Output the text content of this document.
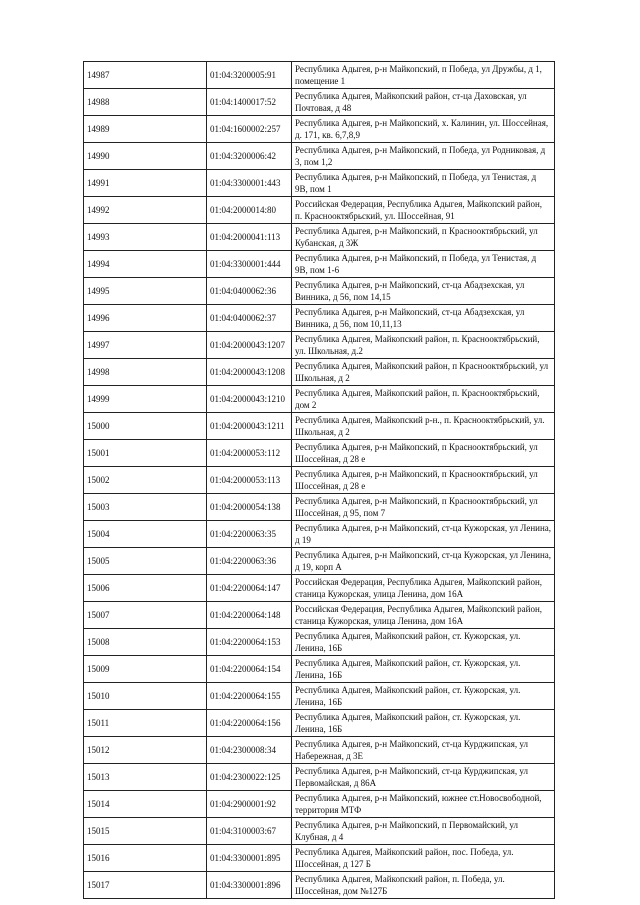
14987	01:04:3200005:91	Республика Адыгея, р-н Майкопский, п Победа, ул Дружбы, д 1, помещение 1
14988	01:04:1400017:52	Республика Адыгея, Майкопский район, ст-ца Даховская, ул Почтовая, д 48
14989	01:04:1600002:257	Республика Адыгея, р-н Майкопский, х. Калинин, ул. Шоссейная, д. 171, кв. 6,7,8,9
14990	01:04:3200006:42	Республика Адыгея, р-н Майкопский, п Победа, ул Родниковая, д 3, пом 1,2
14991	01:04:3300001:443	Республика Адыгея, р-н Майкопский, п Победа, ул Тенистая, д 9В, пом 1
14992	01:04:2000014:80	Российская Федерация, Республика Адыгея, Майкопский район, п. Краснооктябрьский, ул. Шоссейная, 91
14993	01:04:2000041:113	Республика Адыгея, р-н Майкопский, п Краснооктябрьский, ул Кубанская, д 3Ж
14994	01:04:3300001:444	Республика Адыгея, р-н Майкопский, п Победа, ул Тенистая, д 9В, пом 1-6
14995	01:04:0400062:36	Республика Адыгея, р-н Майкопский, ст-ца Абадзехская, ул Винника, д 56, пом 14,15
14996	01:04:0400062:37	Республика Адыгея, р-н Майкопский, ст-ца Абадзехская, ул Винника, д 56, пом 10,11,13
14997	01:04:2000043:1207	Республика Адыгея, Майкопский район, п. Краснооктябрьский, ул. Школьная, д.2
14998	01:04:2000043:1208	Республика Адыгея, Майкопский район, п Краснооктябрьский, ул Школьная, д 2
14999	01:04:2000043:1210	Республика Адыгея, Майкопский район, п. Краснооктябрьский, дом 2
15000	01:04:2000043:1211	Республика Адыгея, Майкопский р-н., п. Краснооктябрьский, ул. Школьная, д 2
15001	01:04:2000053:112	Республика Адыгея, р-н Майкопский, п Краснооктябрьский, ул Шоссейная, д 28 е
15002	01:04:2000053:113	Республика Адыгея, р-н Майкопский, п Краснооктябрьский, ул Шоссейная, д 28 е
15003	01:04:2000054:138	Республика Адыгея, р-н Майкопский, п Краснооктябрьский, ул Шоссейная, д 95, пом 7
15004	01:04:2200063:35	Республика Адыгея, р-н Майкопский, ст-ца Кужорская, ул Ленина, д 19
15005	01:04:2200063:36	Республика Адыгея, р-н Майкопский, ст-ца Кужорская, ул Ленина, д 19, корп А
15006	01:04:2200064:147	Российская Федерация, Республика Адыгея, Майкопский район, станица Кужорская, улица Ленина, дом 16А
15007	01:04:2200064:148	Российская Федерация, Республика Адыгея, Майкопский район, станица Кужорская, улица Ленина, дом 16А
15008	01:04:2200064:153	Республика Адыгея, Майкопский район, ст. Кужорская, ул. Ленина, 16Б
15009	01:04:2200064:154	Республика Адыгея, Майкопский район, ст. Кужорская, ул. Ленина, 16Б
15010	01:04:2200064:155	Республика Адыгея, Майкопский район, ст. Кужорская, ул. Ленина, 16Б
15011	01:04:2200064:156	Республика Адыгея, Майкопский район, ст. Кужорская, ул. Ленина, 16Б
15012	01:04:2300008:34	Республика Адыгея, р-н Майкопский, ст-ца Курджипская, ул Набережная, д 3Е
15013	01:04:2300022:125	Республика Адыгея, р-н Майкопский, ст-ца Курджипская, ул Первомайская, д 86А
15014	01:04:2900001:92	Республика Адыгея, р-н Майкопский, южнее ст.Новосвободной, территория МТФ
15015	01:04:3100003:67	Республика Адыгея, р-н Майкопский, п Первомайский, ул Клубная, д 4
15016	01:04:3300001:895	Республика Адыгея, Майкопский район, пос. Победа, ул. Шоссейная, д 127 Б
15017	01:04:3300001:896	Республика Адыгея, Майкопский район, п. Победа, ул. Шоссейная, дом №127Б
